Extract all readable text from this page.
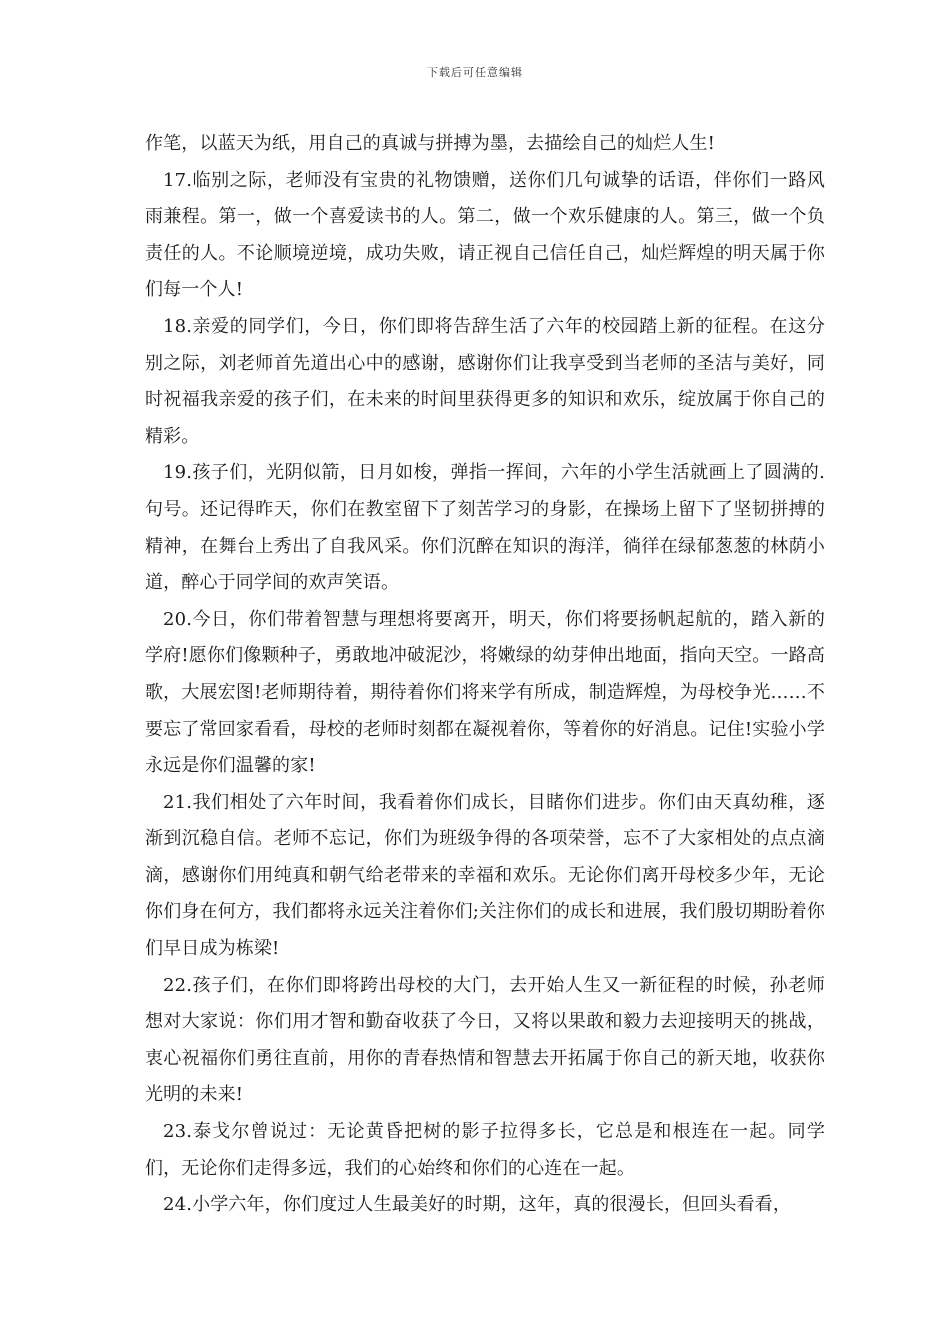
下载后可任意编辑

作笔，以蓝天为纸，用自己的真诚与拼搏为墨，去描绘自己的灿烂人生!

17.临别之际，老师没有宝贵的礼物馈赠，送你们几句诚挚的话语，伴你们一路风雨兼程。第一，做一个喜爱读书的人。第二，做一个欢乐健康的人。第三，做一个负责任的人。不论顺境逆境，成功失败，请正视自己信任自己，灿烂辉煌的明天属于你们每一个人!

18.亲爱的同学们，今日，你们即将告辞生活了六年的校园踏上新的征程。在这分别之际，刘老师首先道出心中的感谢，感谢你们让我享受到当老师的圣洁与美好，同时祝福我亲爱的孩子们，在未来的时间里获得更多的知识和欢乐，绽放属于你自己的精彩。

19.孩子们，光阴似箭，日月如梭，弹指一挥间，六年的小学生活就画上了圆满的.句号。还记得昨天，你们在教室留下了刻苦学习的身影，在操场上留下了坚韧拼搏的精神，在舞台上秀出了自我风采。你们沉醉在知识的海洋，徜徉在绿郁葱葱的林荫小道，醉心于同学间的欢声笑语。

20.今日，你们带着智慧与理想将要离开，明天，你们将要扬帆起航的，踏入新的学府!愿你们像颗种子，勇敢地冲破泥沙，将嫩绿的幼芽伸出地面，指向天空。一路高歌，大展宏图!老师期待着，期待着你们将来学有所成，制造辉煌，为母校争光……不要忘了常回家看看，母校的老师时刻都在凝视着你，等着你的好消息。记住!实验小学永远是你们温馨的家!

21.我们相处了六年时间，我看着你们成长，目睹你们进步。你们由天真幼稚，逐渐到沉稳自信。老师不忘记，你们为班级争得的各项荣誉，忘不了大家相处的点点滴滴，感谢你们用纯真和朝气给老带来的幸福和欢乐。无论你们离开母校多少年，无论你们身在何方，我们都将永远关注着你们;关注你们的成长和进展，我们殷切期盼着你们早日成为栋梁!

22.孩子们，在你们即将跨出母校的大门，去开始人生又一新征程的时候，孙老师想对大家说：你们用才智和勤奋收获了今日，又将以果敢和毅力去迎接明天的挑战，衷心祝福你们勇往直前，用你的青春热情和智慧去开拓属于你自己的新天地，收获你光明的未来!

23.泰戈尔曾说过：无论黄昏把树的影子拉得多长，它总是和根连在一起。同学们，无论你们走得多远，我们的心始终和你们的心连在一起。

24.小学六年，你们度过人生最美好的时期，这年，真的很漫长，但回头看看，
